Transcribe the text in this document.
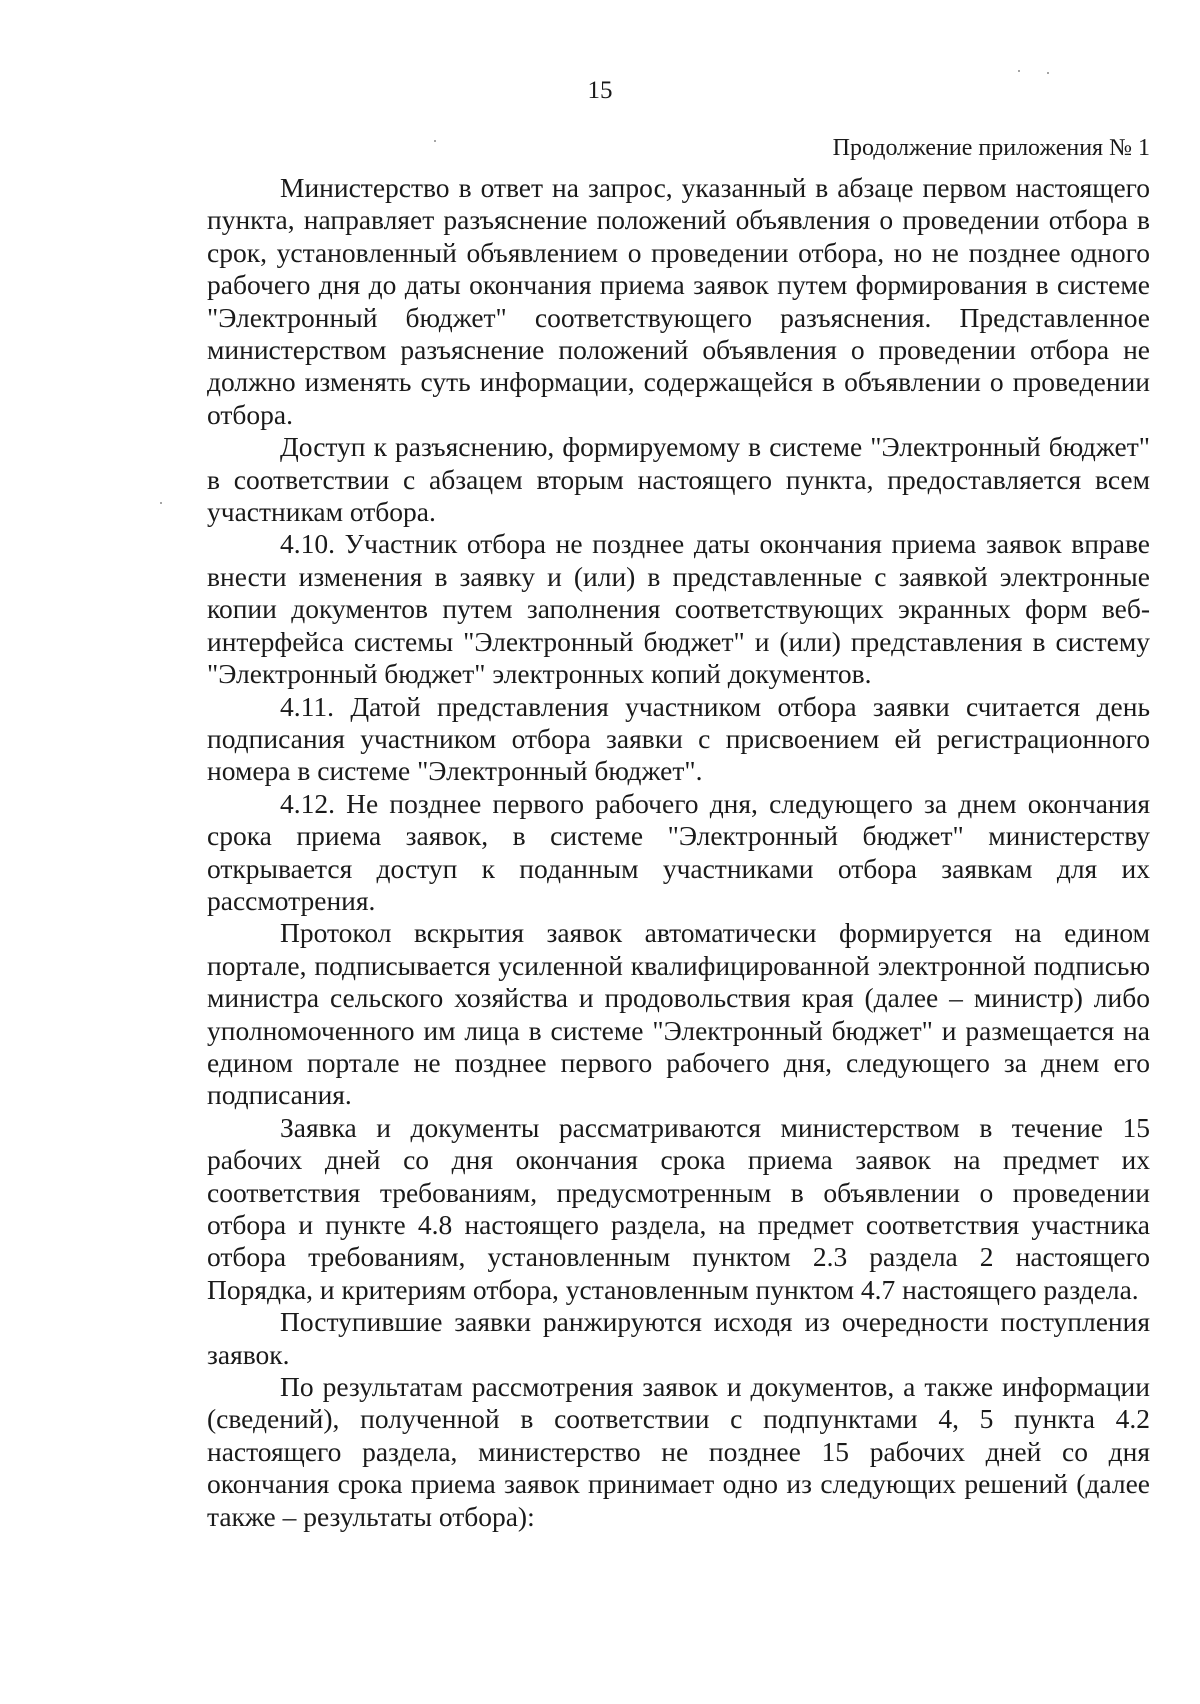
15
Продолжение приложения № 1

Министерство в ответ на запрос, указанный в абзаце первом настоящего пункта, направляет разъяснение положений объявления о проведении отбора в срок, установленный объявлением о проведении отбора, но не позднее одного рабочего дня до даты окончания приема заявок путем формирования в системе "Электронный бюджет" соответствующего разъяснения. Представленное министерством разъяснение положений объявления о проведении отбора не должно изменять суть информации, содержащейся в объявлении о проведении отбора.

Доступ к разъяснению, формируемому в системе "Электронный бюджет" в соответствии с абзацем вторым настоящего пункта, предоставляется всем участникам отбора.

4.10. Участник отбора не позднее даты окончания приема заявок вправе внести изменения в заявку и (или) в представленные с заявкой электронные копии документов путем заполнения соответствующих экранных форм веб-интерфейса системы "Электронный бюджет" и (или) представления в систему "Электронный бюджет" электронных копий документов.

4.11. Датой представления участником отбора заявки считается день подписания участником отбора заявки с присвоением ей регистрационного номера в системе "Электронный бюджет".

4.12. Не позднее первого рабочего дня, следующего за днем окончания срока приема заявок, в системе "Электронный бюджет" министерству открывается доступ к поданным участниками отбора заявкам для их рассмотрения.

Протокол вскрытия заявок автоматически формируется на едином портале, подписывается усиленной квалифицированной электронной подписью министра сельского хозяйства и продовольствия края (далее – министр) либо уполномоченного им лица в системе "Электронный бюджет" и размещается на едином портале не позднее первого рабочего дня, следующего за днем его подписания.

Заявка и документы рассматриваются министерством в течение 15 рабочих дней со дня окончания срока приема заявок на предмет их соответствия требованиям, предусмотренным в объявлении о проведении отбора и пункте 4.8 настоящего раздела, на предмет соответствия участника отбора требованиям, установленным пунктом 2.3 раздела 2 настоящего Порядка, и критериям отбора, установленным пунктом 4.7 настоящего раздела.

Поступившие заявки ранжируются исходя из очередности поступления заявок.

По результатам рассмотрения заявок и документов, а также информации (сведений), полученной в соответствии с подпунктами 4, 5 пункта 4.2 настоящего раздела, министерство не позднее 15 рабочих дней со дня окончания срока приема заявок принимает одно из следующих решений (далее также – результаты отбора):
